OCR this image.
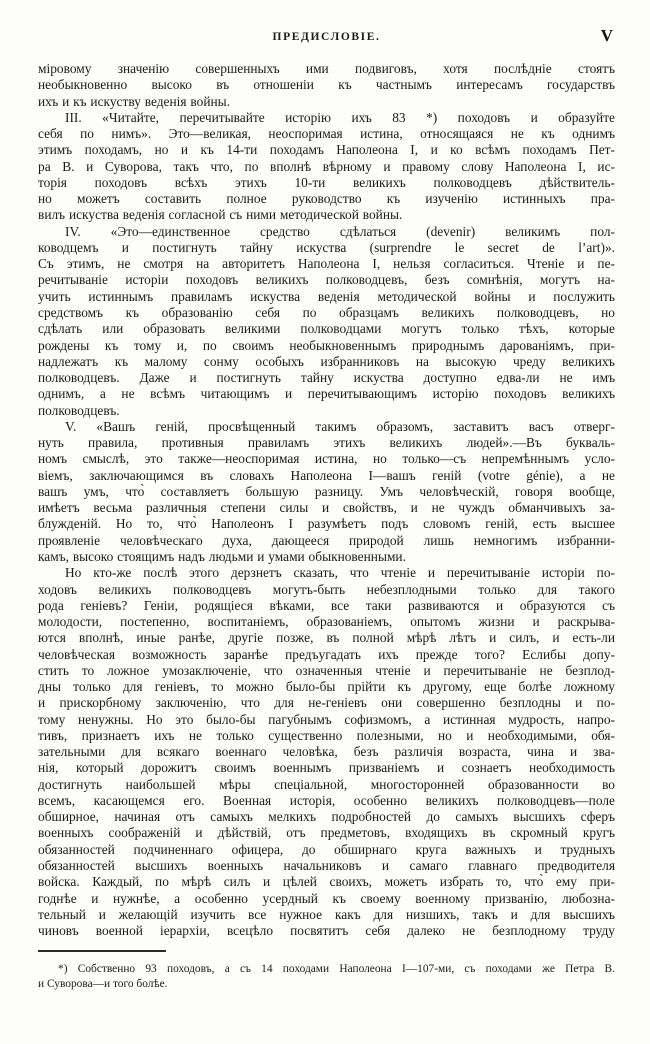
ПРЕДИСЛОВІЕ.	V
міровому значенію совершенныхъ ими подвиговъ, хотя послѣдніе стоятъ
необыкновенно высоко въ отношеніи къ частнымъ интересамъ государствъ
ихъ и къ искуству веденія войны.
III. «Читайте, перечитывайте исторію ихъ 83 *) походовъ и образуйте
себя по нимъ». Это—великая, неоспоримая истина, относящаяся не къ однимъ
этимъ походамъ, но и къ 14-ти походамъ Наполеона I, и ко всѣмъ походамъ Пет-
ра В. и Суворова, такъ что, по вполнѣ вѣрному и правому слову Наполеона I, ис-
торія походовъ всѣхъ этихъ 10-ти великихъ полководцевъ дѣйствитель-
но можетъ составить полное руководство къ изученію истинныхъ пра-
вилъ искуства веденія согласной съ ними методической войны.
IV. «Это—единственное средство сдѣлаться (devenir) великимъ пол-
ководцемъ и постигнуть тайну искуства (surprendre le secret de l’art)».
Съ этимъ, не смотря на авторитетъ Наполеона I, нельзя согласиться. Чтеніе и пе-
речитываніе исторіи походовъ великихъ полководцевъ, безъ сомнѣнія, могутъ на-
учить истиннымъ правиламъ искуства веденія методической войны и послужить
средствомъ къ образованію себя по образцамъ великихъ полководцевъ, но
сдѣлать или образовать великими полководцами могутъ только тѣхъ, которые
рождены къ тому и, по своимъ необыкновеннымъ природнымъ дарованіямъ, при-
надлежатъ къ малому сонму особыхъ избранниковъ на высокую чреду великихъ
полководцевъ. Даже и постигнуть тайну искуства доступно едва-ли не имъ
однимъ, а не всѣмъ читающимъ и перечитывающимъ исторію походовъ великихъ
полководцевъ.
V. «Вашъ геній, просвѣщенный такимъ образомъ, заставитъ васъ отверг-
нуть правила, противныя правиламъ этихъ великихъ людей».—Въ букваль-
номъ смыслѣ, это также—неоспоримая истина, но только—съ непремѣннымъ усло-
віемъ, заключающимся въ словахъ Наполеона I—вашъ геній (votre génie), а не
вашъ умъ, что̀ составляетъ большую разницу. Умъ человѣческій, говоря вообще,
имѣетъ весьма различныя степени силы и свойствъ, и не чуждъ обманчивыхъ за-
блужденій. Но то, что̀ Наполеонъ I разумѣетъ подъ словомъ геній, есть высшее
проявленіе человѣческаго духа, дающееся природой лишь немногимъ избранни-
камъ, высоко стоящимъ надъ людьми и умами обыкновенными.
Но кто-же послѣ этого дерзнетъ сказать, что чтеніе и перечитываніе исторіи по-
ходовъ великихъ полководцевъ могутъ-быть небезплодными только для такого
рода геніевъ? Геніи, родящіеся вѣками, все таки развиваются и образуются съ
молодости, постепенно, воспитаніемъ, образованіемъ, опытомъ жизни и раскрыва-
ются вполнѣ, иные ранѣе, другіе позже, въ полной мѣрѣ лѣтъ и силъ, и есть-ли
человѣческая возможность заранѣе предъугадать ихъ прежде того? Еслибы допу-
стить то ложное умозаключеніе, что означенныя чтеніе и перечитываніе не безплод-
дны только для геніевъ, то можно было-бы прійти къ другому, еще болѣе ложному
и прискорбному заключенію, что для не-геніевъ они совершенно безплодны и по-
тому ненужны. Но это было-бы пагубнымъ софизмомъ, а истинная мудрость, напро-
тивъ, признаетъ ихъ не только существенно полезными, но и необходимыми, обя-
зательными для всякаго военнаго человѣка, безъ различія возраста, чина и зва-
нія, который дорожитъ своимъ военнымъ призваніемъ и сознаетъ необходимость
достигнуть наибольшей мѣры спеціальной, многосторонней образованности во
всемъ, касающемся его. Военная исторія, особенно великихъ полководцевъ—поле
обширное, начиная отъ самыхъ мелкихъ подробностей до самыхъ высшихъ сферъ
военныхъ соображеній и дѣйствій, отъ предметовъ, входящихъ въ скромный кругъ
обязанностей подчиненнаго офицера, до обширнаго круга важныхъ и трудныхъ
обязанностей высшихъ военныхъ начальниковъ и самаго главнаго предводителя
войска. Каждый, по мѣрѣ силъ и цѣлей своихъ, можетъ избрать то, что̀ ему при-
годнѣе и нужнѣе, а особенно усердный къ своему военному призванію, любозна-
тельный и желающій изучить все нужное какъ для низшихъ, такъ и для высшихъ
чиновъ военной іерархіи, всецѣло посвятитъ себя далеко не безплодному труду
*) Собственно 93 походовъ, а съ 14 походами Наполеона I—107-ми, съ походами же Петра В.
и Суворова—и того болѣе.
